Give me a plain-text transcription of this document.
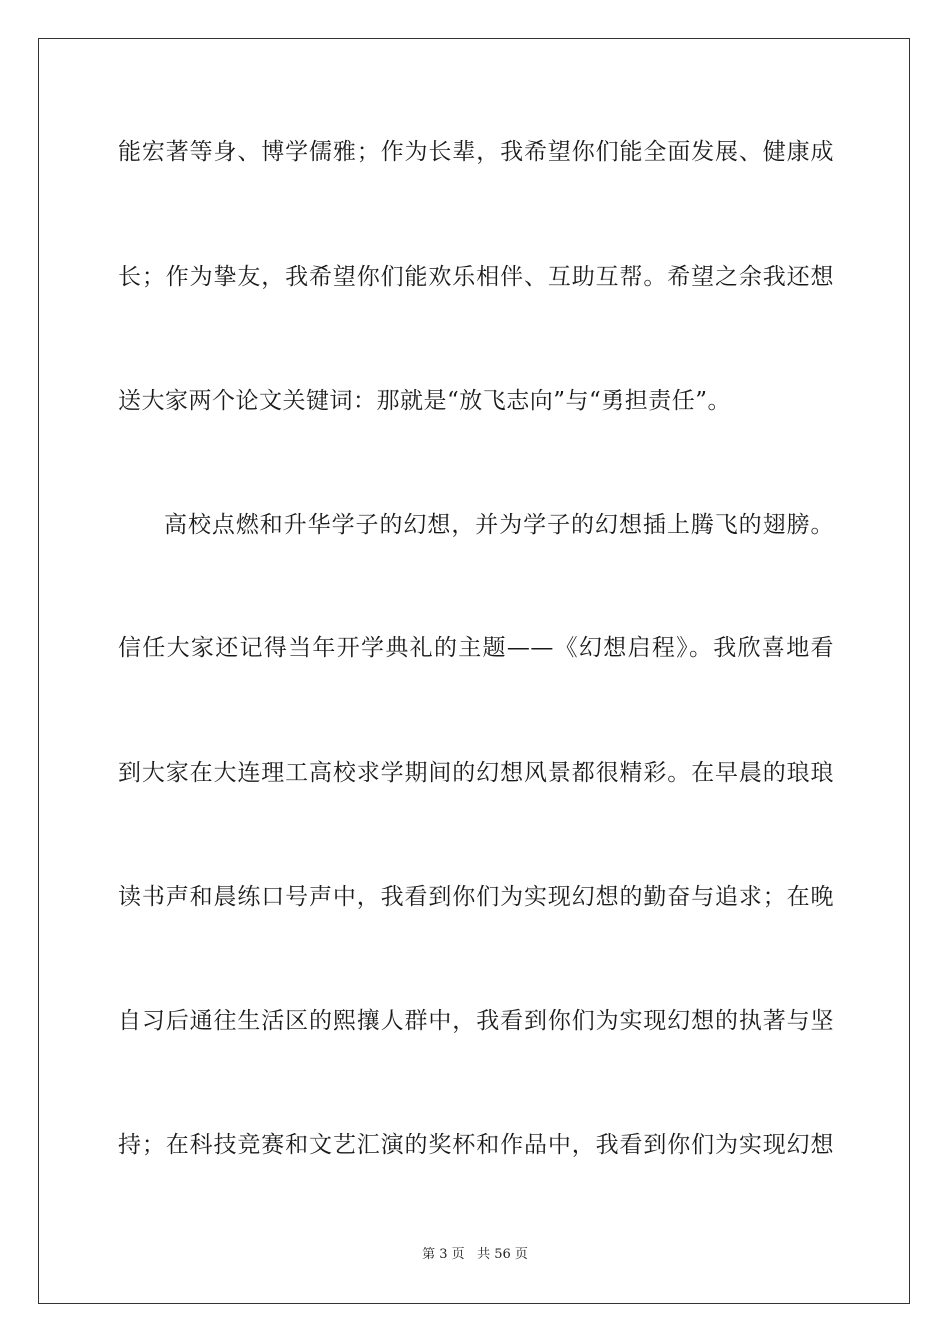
能宏著等身、博学儒雅；作为长辈，我希望你们能全面发展、健康成
长；作为挚友，我希望你们能欢乐相伴、互助互帮。希望之余我还想
送大家两个论文关键词：那就是“放飞志向”与“勇担责任”。
高校点燃和升华学子的幻想，并为学子的幻想插上腾飞的翅膀。
信任大家还记得当年开学典礼的主题——《幻想启程》。我欣喜地看
到大家在大连理工高校求学期间的幻想风景都很精彩。在早晨的琅琅
读书声和晨练口号声中，我看到你们为实现幻想的勤奋与追求；在晚
自习后通往生活区的熙攘人群中，我看到你们为实现幻想的执著与坚
持；在科技竞赛和文艺汇演的奖杯和作品中，我看到你们为实现幻想
第 3 页 共 56 页
